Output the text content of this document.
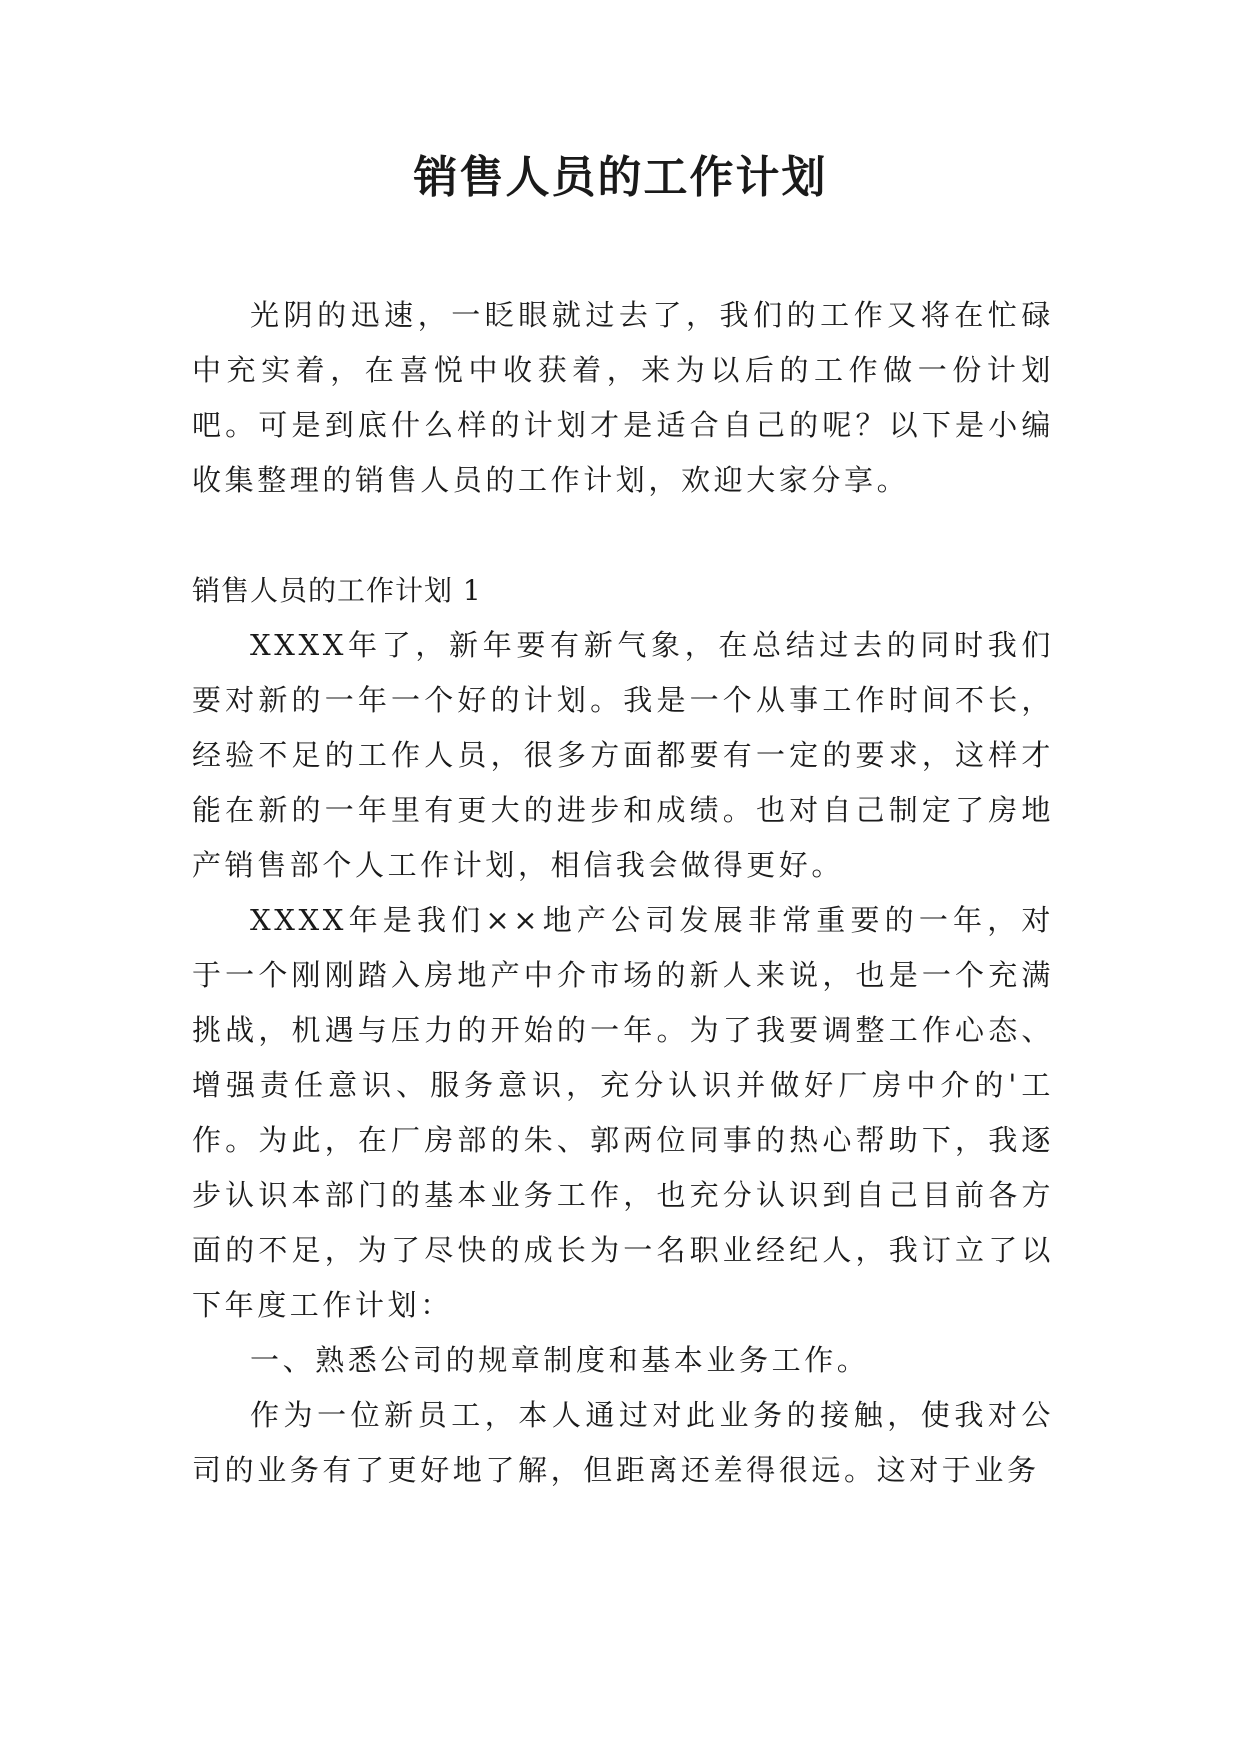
销售人员的工作计划

光阴的迅速，一眨眼就过去了，我们的工作又将在忙碌中充实着，在喜悦中收获着，来为以后的工作做一份计划吧。可是到底什么样的计划才是适合自己的呢？以下是小编收集整理的销售人员的工作计划，欢迎大家分享。

销售人员的工作计划 1

XXXX年了，新年要有新气象，在总结过去的同时我们要对新的一年一个好的计划。我是一个从事工作时间不长，经验不足的工作人员，很多方面都要有一定的要求，这样才能在新的一年里有更大的进步和成绩。也对自己制定了房地产销售部个人工作计划，相信我会做得更好。

XXXX年是我们××地产公司发展非常重要的一年，对于一个刚刚踏入房地产中介市场的新人来说，也是一个充满挑战，机遇与压力的开始的一年。为了我要调整工作心态、增强责任意识、服务意识，充分认识并做好厂房中介的'工作。为此，在厂房部的朱、郭两位同事的热心帮助下，我逐步认识本部门的基本业务工作，也充分认识到自己目前各方面的不足，为了尽快的成长为一名职业经纪人，我订立了以下年度工作计划：

一、熟悉公司的规章制度和基本业务工作。

作为一位新员工，本人通过对此业务的接触，使我对公司的业务有了更好地了解，但距离还差得很远。这对于业务
